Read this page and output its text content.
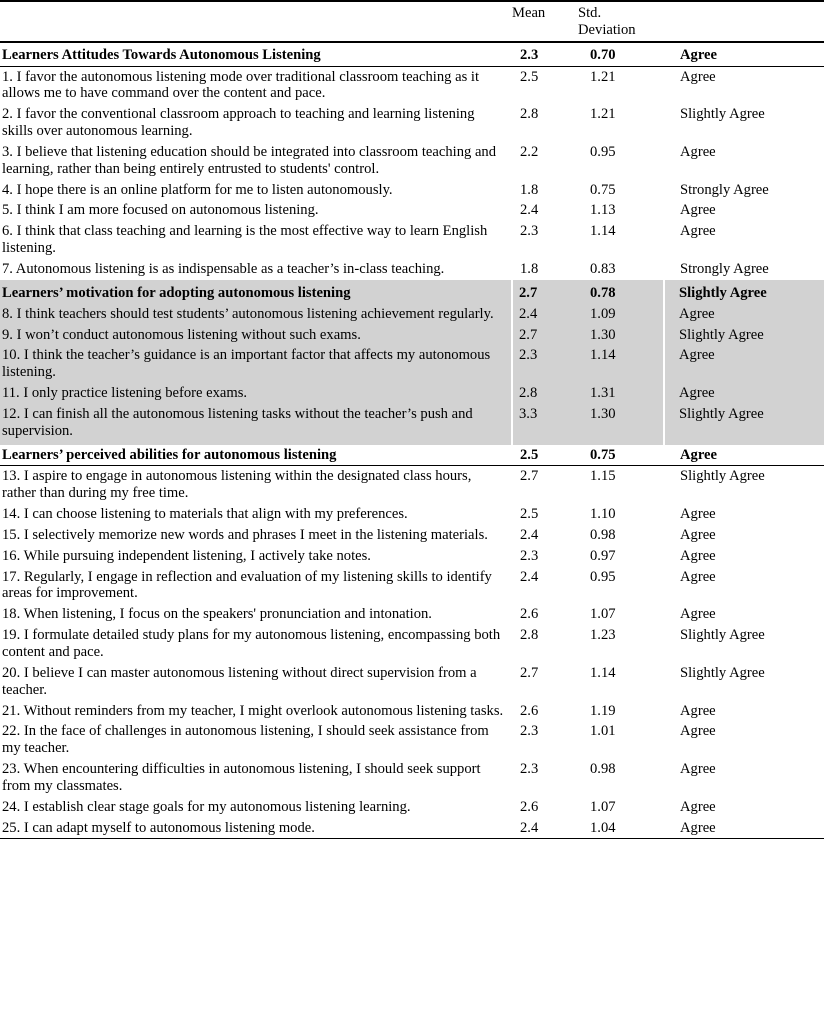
	Mean	Std.
Deviation	

Learners Attitudes Towards Autonomous Listening	2.3	0.70	Agree

1. I favor the autonomous listening mode over traditional classroom teaching as it allows me to have command over the content and pace.	2.5	1.21	Agree
2. I favor the conventional classroom approach to teaching and learning listening skills over autonomous learning.	2.8	1.21	Slightly Agree
3. I believe that listening education should be integrated into classroom teaching and learning, rather than being entirely entrusted to students' control.	2.2	0.95	Agree
4. I hope there is an online platform for me to listen autonomously.	1.8	0.75	Strongly Agree
5. I think I am more focused on autonomous listening.	2.4	1.13	Agree
6. I think that class teaching and learning is the most effective way to learn English listening.	2.3	1.14	Agree
7. Autonomous listening is as indispensable as a teacher’s in-class teaching.	1.8	0.83	Strongly Agree

Learners’ motivation for adopting autonomous listening	2.7	0.78	Slightly Agree
8. I think teachers should test students’ autonomous listening achievement regularly.	2.4	1.09	Agree
9. I won’t conduct autonomous listening without such exams.	2.7	1.30	Slightly Agree
10. I think the teacher’s guidance is an important factor that affects my autonomous listening.	2.3	1.14	Agree
11. I only practice listening before exams.	2.8	1.31	Agree
12. I can finish all the autonomous listening tasks without the teacher’s push and supervision.	3.3	1.30	Slightly Agree

Learners’ perceived abilities for autonomous listening	2.5	0.75	Agree

13. I aspire to engage in autonomous listening within the designated class hours, rather than during my free time.	2.7	1.15	Slightly Agree
14. I can choose listening to materials that align with my preferences.	2.5	1.10	Agree
15. I selectively memorize new words and phrases I meet in the listening materials.	2.4	0.98	Agree
16. While pursuing independent listening, I actively take notes.	2.3	0.97	Agree
17. Regularly, I engage in reflection and evaluation of my listening skills to identify areas for improvement.	2.4	0.95	Agree
18. When listening, I focus on the speakers' pronunciation and intonation.	2.6	1.07	Agree
19. I formulate detailed study plans for my autonomous listening, encompassing both content and pace.	2.8	1.23	Slightly Agree
20. I believe I can master autonomous listening without direct supervision from a teacher.	2.7	1.14	Slightly Agree
21. Without reminders from my teacher, I might overlook autonomous listening tasks.	2.6	1.19	Agree
22. In the face of challenges in autonomous listening, I should seek assistance from my teacher.	2.3	1.01	Agree
23. When encountering difficulties in autonomous listening, I should seek support from my classmates.	2.3	0.98	Agree
24. I establish clear stage goals for my autonomous listening learning.	2.6	1.07	Agree
25. I can adapt myself to autonomous listening mode.	2.4	1.04	Agree
